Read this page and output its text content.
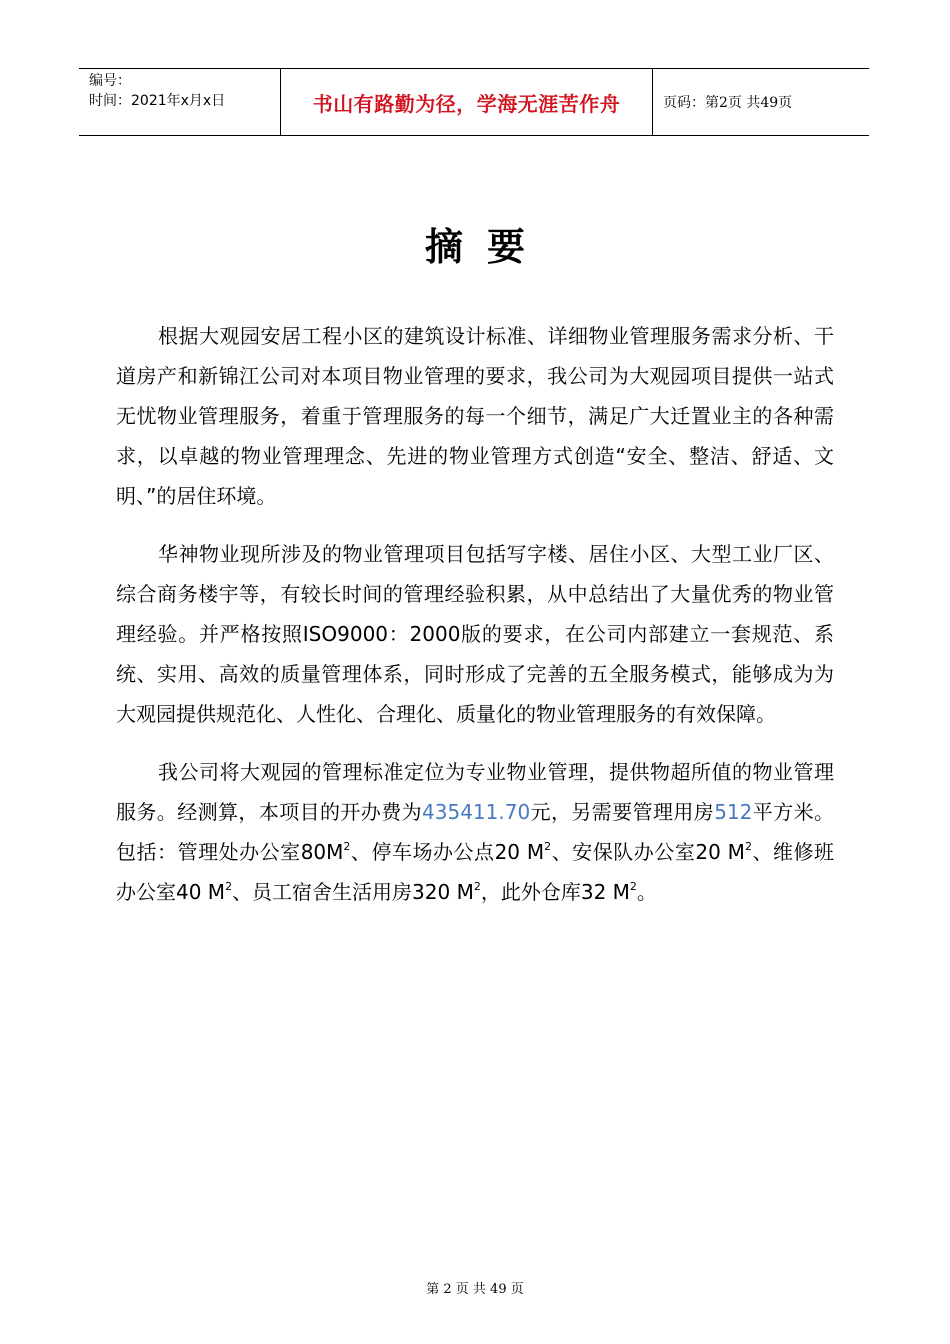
编号：
时间：2021年x月x日	书山有路勤为径，学海无涯苦作舟	页码：第2页 共49页
摘要

根据大观园安居工程小区的建筑设计标准、详细物业管理服务需求分析、干道房产和新锦江公司对本项目物业管理的要求，我公司为大观园项目提供一站式无忧物业管理服务，着重于管理服务的每一个细节，满足广大迁置业主的各种需求，以卓越的物业管理理念、先进的物业管理方式创造“安全、整洁、舒适、文明、”的居住环境。

华神物业现所涉及的物业管理项目包括写字楼、居住小区、大型工业厂区、综合商务楼宇等，有较长时间的管理经验积累，从中总结出了大量优秀的物业管理经验。并严格按照ISO9000：2000版的要求，在公司内部建立一套规范、系统、实用、高效的质量管理体系，同时形成了完善的五全服务模式，能够成为为大观园提供规范化、人性化、合理化、质量化的物业管理服务的有效保障。

我公司将大观园的管理标准定位为专业物业管理，提供物超所值的物业管理服务。经测算，本项目的开办费为435411.70元，另需要管理用房512平方米。包括：管理处办公室$80M^2$、停车场办公点20 $M^2$、安保队办公室20 $M^2$、维修班办公室40 $M^2$、员工宿舍生活用房320 $M^2$，此外仓库32 $M^2$。

第 2 页 共 49 页
